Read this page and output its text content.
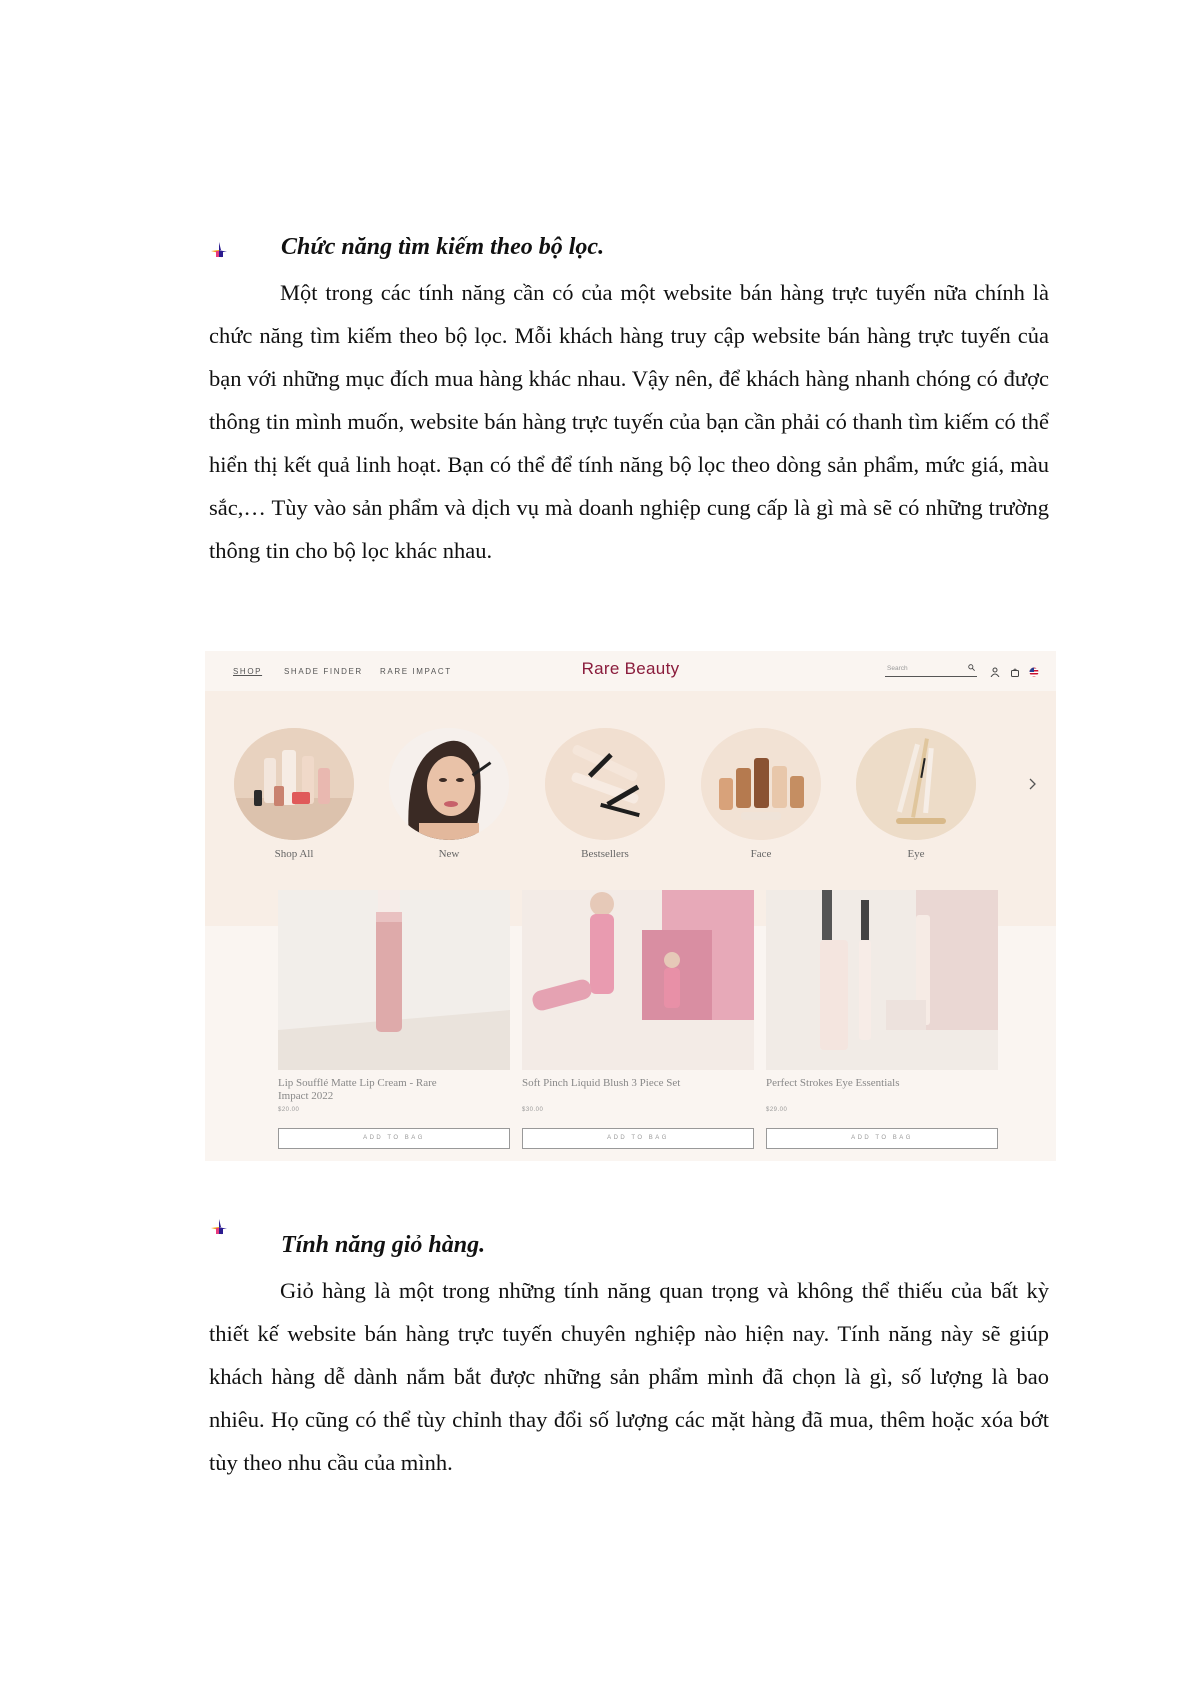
Chức năng tìm kiếm theo bộ lọc.

Một trong các tính năng cần có của một website bán hàng trực tuyến nữa chính là chức năng tìm kiếm theo bộ lọc. Mỗi khách hàng truy cập website bán hàng trực tuyến của bạn với những mục đích mua hàng khác nhau. Vậy nên, để khách hàng nhanh chóng có được thông tin mình muốn, website bán hàng trực tuyến của bạn cần phải có thanh tìm kiếm có thể hiển thị kết quả linh hoạt. Bạn có thể để tính năng bộ lọc theo dòng sản phẩm, mức giá, màu sắc,… Tùy vào sản phẩm và dịch vụ mà doanh nghiệp cung cấp là gì mà sẽ có những trường thông tin cho bộ lọc khác nhau.

SHOP	SHADE FINDER RARE IMPACT	Rare Beauty	Search
Shop All	New	Bestsellers	Face	Eye
Lip Soufflé Matte Lip Cream - Rare Impact 2022
$20.00
ADD TO BAG
Soft Pinch Liquid Blush 3 Piece Set
$30.00
ADD TO BAG
Perfect Strokes Eye Essentials
$29.00
ADD TO BAG
Tính năng giỏ hàng.

Giỏ hàng là một trong những tính năng quan trọng và không thể thiếu của bất kỳ thiết kế website bán hàng trực tuyến chuyên nghiệp nào hiện nay. Tính năng này sẽ giúp khách hàng dễ dành nắm bắt được những sản phẩm mình đã chọn là gì, số lượng là bao nhiêu. Họ cũng có thể tùy chỉnh thay đổi số lượng các mặt hàng đã mua, thêm hoặc xóa bớt tùy theo nhu cầu của mình.
